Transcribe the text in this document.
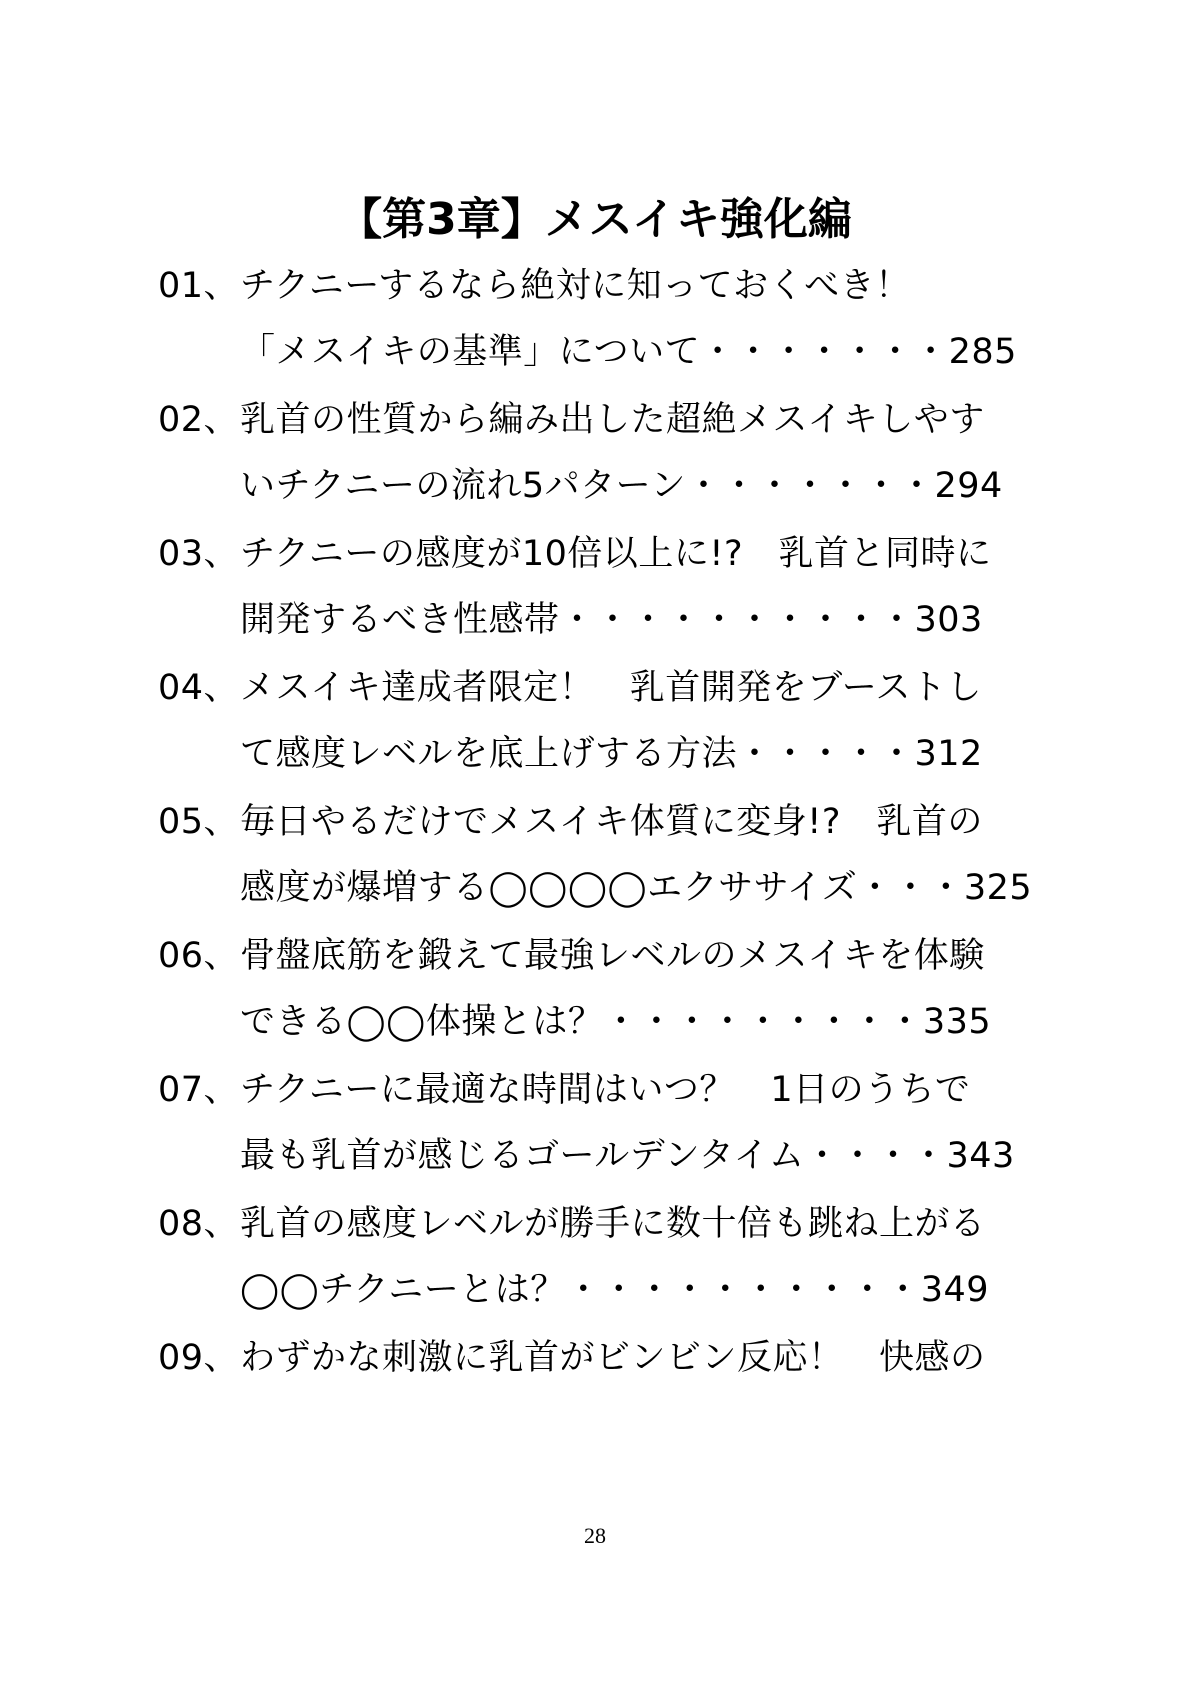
【第3章】メスイキ強化編
01、チクニーするなら絶対に知っておくべき！
「メスイキの基準」について・・・・・・・285
02、乳首の性質から編み出した超絶メスイキしやす
いチクニーの流れ5パターン・・・・・・・294
03、チクニーの感度が10倍以上に!?　乳首と同時に
開発するべき性感帯・・・・・・・・・・303
04、メスイキ達成者限定！　乳首開発をブーストし
て感度レベルを底上げする方法・・・・・312
05、毎日やるだけでメスイキ体質に変身!?　乳首の
感度が爆増する◯◯◯◯エクササイズ・・・325
06、骨盤底筋を鍛えて最強レベルのメスイキを体験
できる◯◯体操とは？・・・・・・・・・335
07、チクニーに最適な時間はいつ？　1日のうちで
最も乳首が感じるゴールデンタイム・・・・343
08、乳首の感度レベルが勝手に数十倍も跳ね上がる
◯◯チクニーとは？・・・・・・・・・・349
09、わずかな刺激に乳首がビンビン反応！　快感の
28
